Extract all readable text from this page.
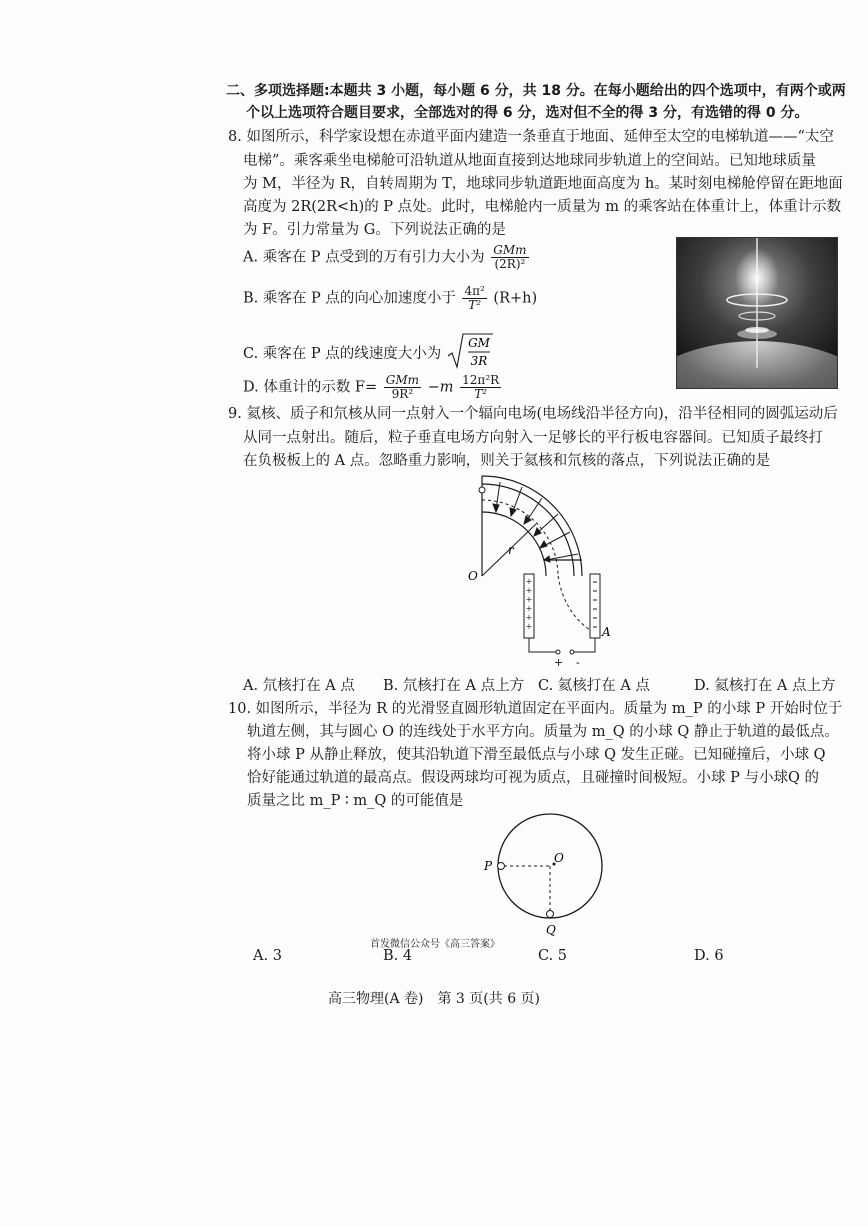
二、多项选择题:本题共 3 小题，每小题 6 分，共 18 分。在每小题给出的四个选项中，有两个或两
个以上选项符合题目要求，全部选对的得 6 分，选对但不全的得 3 分，有选错的得 0 分。
8. 如图所示，科学家设想在赤道平面内建造一条垂直于地面、延伸至太空的电梯轨道——“太空
电梯”。乘客乘坐电梯舱可沿轨道从地面直接到达地球同步轨道上的空间站。已知地球质量
为 M，半径为 R，自转周期为 T，地球同步轨道距地面高度为 h。某时刻电梯舱停留在距地面
高度为 2R(2R<h)的 P 点处。此时，电梯舱内一质量为 m 的乘客站在体重计上，体重计示数
为 F。引力常量为 G。下列说法正确的是
A. 乘客在 P 点受到的万有引力大小为 $\frac{\text{GMm}}{\text{(2R)²}}$
B. 乘客在 P 点的向心加速度小于 $\frac{\text{4π²}}{\text{T²}} (R+h)$
C. 乘客在 P 点的线速度大小为
GM
3R
D. 体重计的示数 $F= \frac{\text{GMm}}{\text{9R²}} -m \frac{\text{12π²R}}{\text{T²}}$
9. 氦核、质子和氘核从同一点射入一个辐向电场(电场线沿半径方向)，沿半径相同的圆弧运动后
从同一点射出。随后，粒子垂直电场方向射入一足够长的平行板电容器间。已知质子最终打
在负极板上的 A 点。忽略重力影响，则关于氦核和氘核的落点，下列说法正确的是
+
+
+
+
+
+
O
r
A
+ -
A. 氘核打在 A 点 B. 氘核打在 A 点上方 C. 氦核打在 A 点	D. 氦核打在 A 点上方
10. 如图所示，半径为 R 的光滑竖直圆形轨道固定在平面内。质量为 m_P 的小球 P 开始时位于
轨道左侧，其与圆心 O 的连线处于水平方向。质量为 m_Q 的小球 Q 静止于轨道的最低点。
将小球 P 从静止释放，使其沿轨道下滑至最低点与小球 Q 发生正碰。已知碰撞后，小球 Q
恰好能通过轨道的最高点。假设两球均可视为质点，且碰撞时间极短。小球 P 与小球Q 的
质量之比 m_P ∶ m_Q 的可能值是
P
O
Q
首发微信公众号《高三答案》
A. 3	B. 4	C. 5	D. 6
高三物理(A 卷)　第 3 页(共 6 页)
